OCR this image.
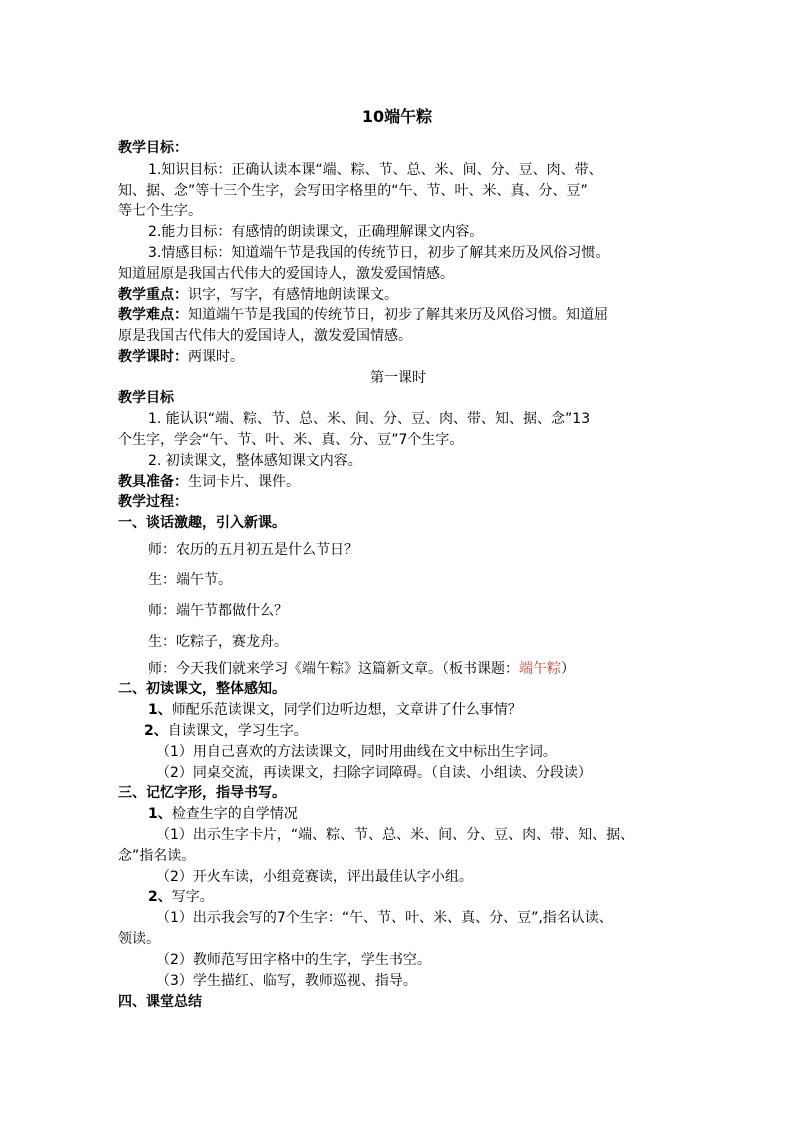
10端午粽
教学目标：
1.知识目标：正确认读本课“端、粽、节、总、米、间、分、豆、肉、带、
知、据、念”等十三个生字，会写田字格里的“午、节、叶、米、真、分、豆”
等七个生字。
2.能力目标：有感情的朗读课文，正确理解课文内容。
3.情感目标：知道端午节是我国的传统节日，初步了解其来历及风俗习惯。
知道屈原是我国古代伟大的爱国诗人，激发爱国情感。
教学重点：识字，写字，有感情地朗读课文。
教学难点：知道端午节是我国的传统节日，初步了解其来历及风俗习惯。知道屈
原是我国古代伟大的爱国诗人，激发爱国情感。
教学课时：两课时。
第一课时
教学目标
1. 能认识“端、粽、节、总、米、间、分、豆、肉、带、知、据、念”13
个生字，学会“午、节、叶、米、真、分、豆”7个生字。
2. 初读课文，整体感知课文内容。
教具准备：生词卡片、课件。
教学过程：
一、谈话激趣，引入新课。
师：农历的五月初五是什么节日？
生：端午节。
师：端午节都做什么？
生：吃粽子，赛龙舟。
师：今天我们就来学习《端午粽》这篇新文章。（板书课题：端午粽）
二、初读课文，整体感知。
1、师配乐范读课文，同学们边听边想，文章讲了什么事情？
2、自读课文，学习生字。
（1）用自己喜欢的方法读课文，同时用曲线在文中标出生字词。
（2）同桌交流，再读课文，扫除字词障碍。（自读、小组读、分段读）
三、记忆字形，指导书写。
1、检查生字的自学情况
（1）出示生字卡片，“端、粽、节、总、米、间、分、豆、肉、带、知、据、
念”指名读。
（2）开火车读，小组竞赛读，评出最佳认字小组。
2、写字。
（1）出示我会写的7个生字：“午、节、叶、米、真、分、豆”,指名认读、
领读。
（2）教师范写田字格中的生字，学生书空。
（3）学生描红、临写，教师巡视、指导。
四、课堂总结
